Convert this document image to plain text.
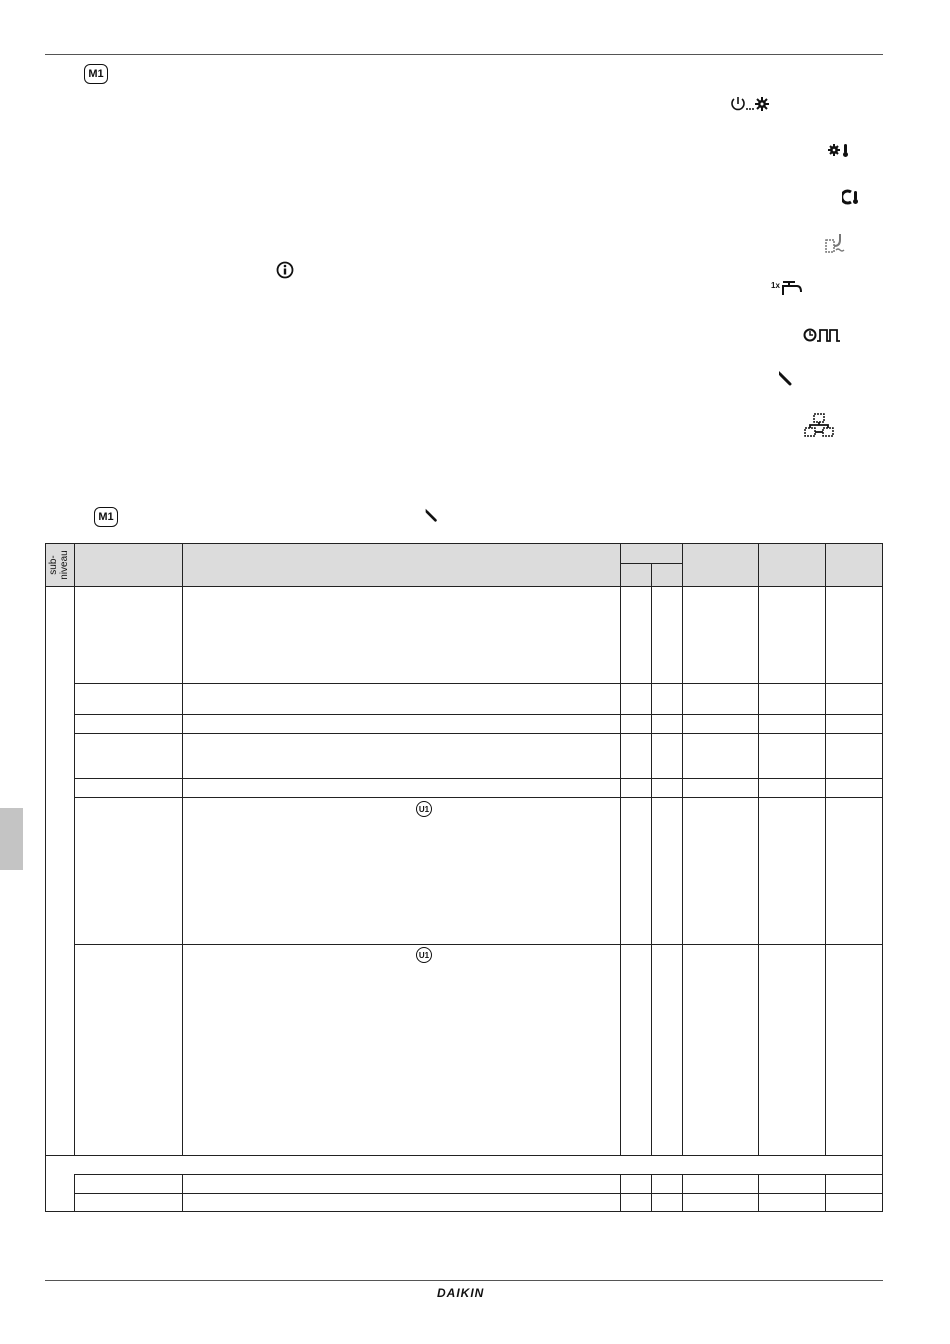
M1
1x
M1
sub-
niveau
U1
U1
DAIKIN
